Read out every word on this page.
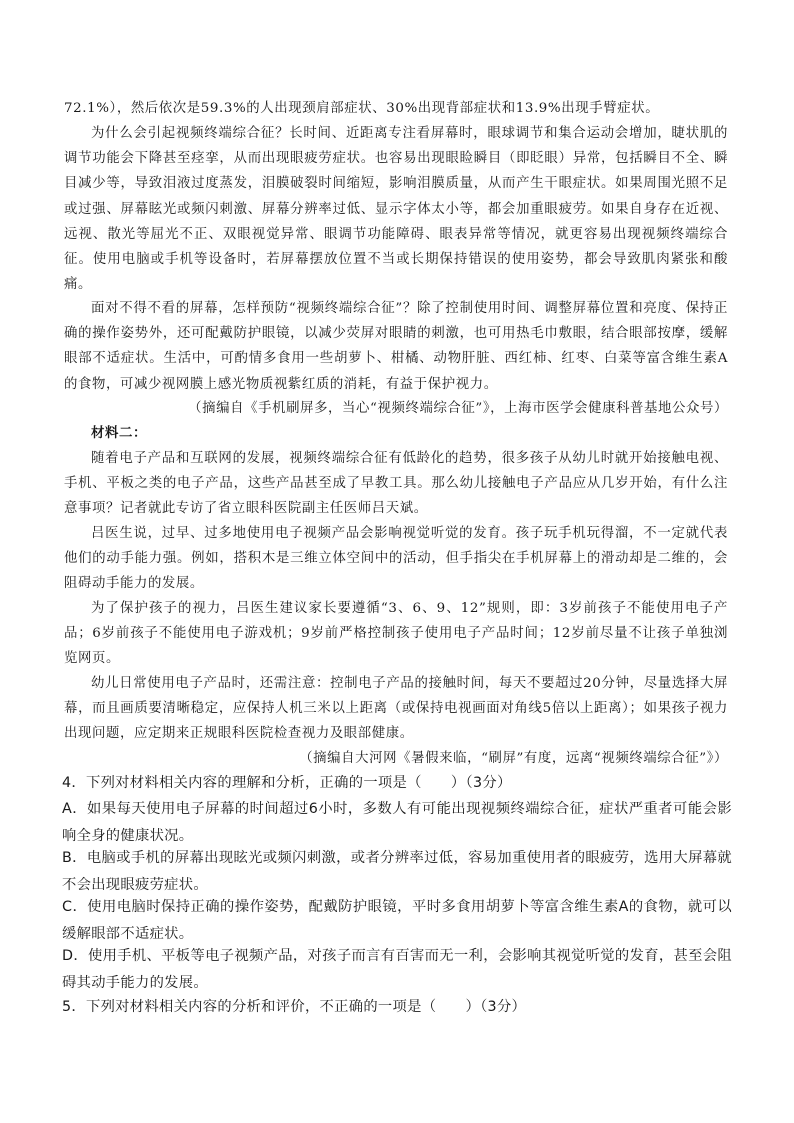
72.1%），然后依次是59.3%的人出现颈肩部症状、30%出现背部症状和13.9%出现手臂症状。

为什么会引起视频终端综合征？长时间、近距离专注看屏幕时，眼球调节和集合运动会增加，睫状肌的调节功能会下降甚至痉挛，从而出现眼疲劳症状。也容易出现眼睑瞬目（即眨眼）异常，包括瞬目不全、瞬目减少等，导致泪液过度蒸发，泪膜破裂时间缩短，影响泪膜质量，从而产生干眼症状。如果周围光照不足或过强、屏幕眩光或频闪刺激、屏幕分辨率过低、显示字体太小等，都会加重眼疲劳。如果自身存在近视、远视、散光等屈光不正、双眼视觉异常、眼调节功能障碍、眼表异常等情况，就更容易出现视频终端综合征。使用电脑或手机等设备时，若屏幕摆放位置不当或长期保持错误的使用姿势，都会导致肌肉紧张和酸痛。

面对不得不看的屏幕，怎样预防“视频终端综合征”？除了控制使用时间、调整屏幕位置和亮度、保持正确的操作姿势外，还可配戴防护眼镜，以减少荧屏对眼睛的刺激，也可用热毛巾敷眼，结合眼部按摩，缓解眼部不适症状。生活中，可酌情多食用一些胡萝卜、柑橘、动物肝脏、西红柿、红枣、白菜等富含维生素A的食物，可减少视网膜上感光物质视紫红质的消耗，有益于保护视力。

（摘编自《手机刷屏多，当心“视频终端综合征”》，上海市医学会健康科普基地公众号）

材料二：

随着电子产品和互联网的发展，视频终端综合征有低龄化的趋势，很多孩子从幼儿时就开始接触电视、手机、平板之类的电子产品，这些产品甚至成了早教工具。那么幼儿接触电子产品应从几岁开始，有什么注意事项？记者就此专访了省立眼科医院副主任医师吕天斌。

吕医生说，过早、过多地使用电子视频产品会影响视觉听觉的发育。孩子玩手机玩得溜，不一定就代表他们的动手能力强。例如，搭积木是三维立体空间中的活动，但手指尖在手机屏幕上的滑动却是二维的，会阻碍动手能力的发展。

为了保护孩子的视力，吕医生建议家长要遵循“3、6、9、12”规则，即：3岁前孩子不能使用电子产品；6岁前孩子不能使用电子游戏机；9岁前严格控制孩子使用电子产品时间；12岁前尽量不让孩子单独浏览网页。

幼儿日常使用电子产品时，还需注意：控制电子产品的接触时间，每天不要超过20分钟，尽量选择大屏幕，而且画质要清晰稳定，应保持人机三米以上距离（或保持电视画面对角线5倍以上距离）；如果孩子视力出现问题，应定期来正规眼科医院检查视力及眼部健康。

（摘编自大河网《暑假来临，“刷屏”有度，远离“视频终端综合征”》）

4．下列对材料相关内容的理解和分析，正确的一项是（　　）（3分）

A．如果每天使用电子屏幕的时间超过6小时，多数人有可能出现视频终端综合征，症状严重者可能会影响全身的健康状况。

B．电脑或手机的屏幕出现眩光或频闪刺激，或者分辨率过低，容易加重使用者的眼疲劳，选用大屏幕就不会出现眼疲劳症状。

C．使用电脑时保持正确的操作姿势，配戴防护眼镜，平时多食用胡萝卜等富含维生素A的食物，就可以缓解眼部不适症状。

D．使用手机、平板等电子视频产品，对孩子而言有百害而无一利，会影响其视觉听觉的发育，甚至会阻碍其动手能力的发展。

5．下列对材料相关内容的分析和评价，不正确的一项是（　　）（3分）
